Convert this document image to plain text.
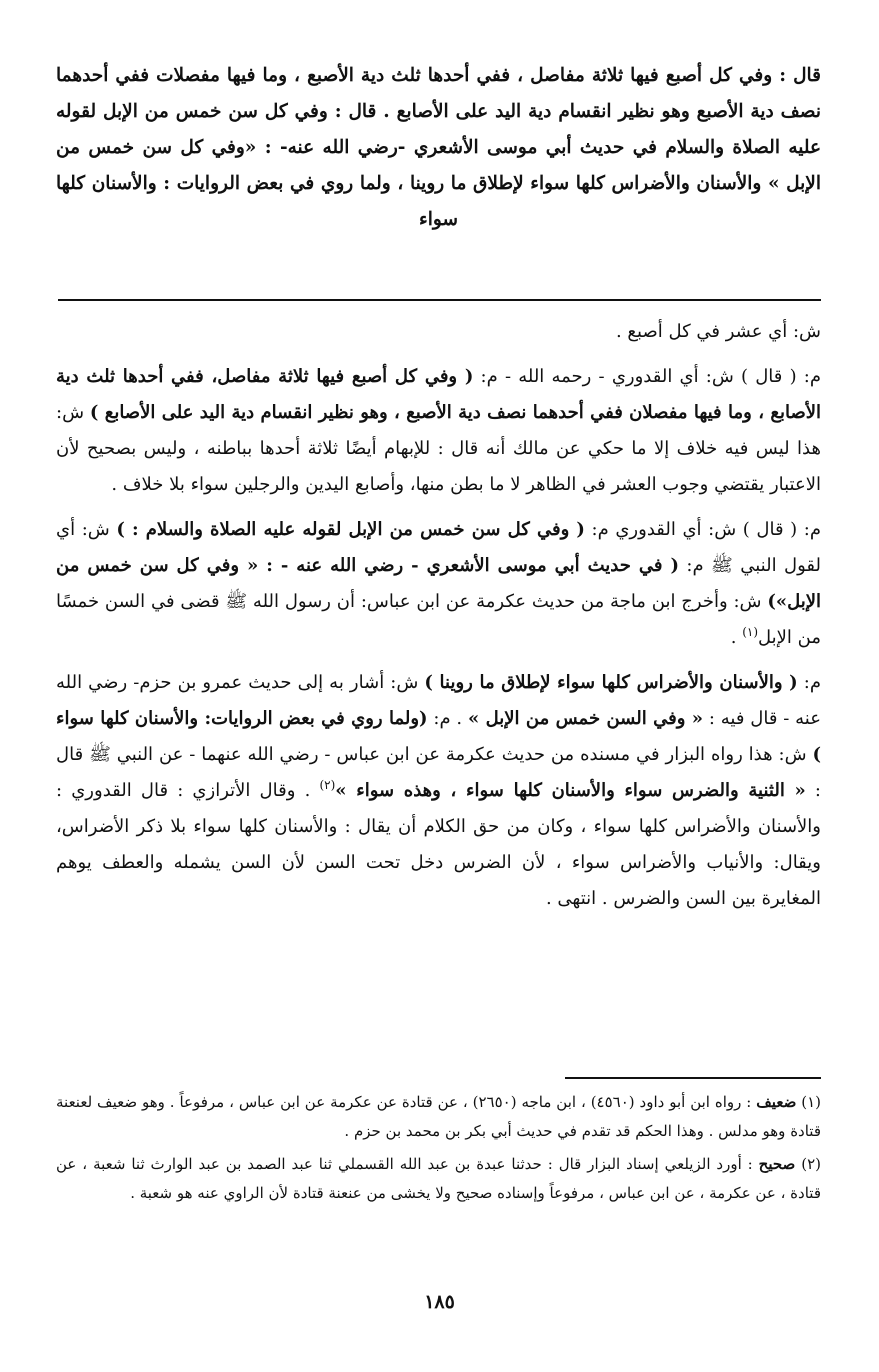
قال : وفي كل أصبع فيها ثلاثة مفاصل ، ففي أحدها ثلث دية الأصبع ، وما فيها مفصلات ففي أحدهما نصف دية الأصبع وهو نظير انقسام دية اليد على الأصابع . قال : وفي كل سن خمس من الإبل لقوله عليه الصلاة والسلام في حديث أبي موسى الأشعري -رضي الله عنه- : «وفي كل سن خمس من الإبل » والأسنان والأضراس كلها سواء لإطلاق ما روينا ، ولما روي في بعض الروايات : والأسنان كلها سواء

ش: أي عشر في كل أصبع .

م: ( قال ) ش: أي القدوري - رحمه الله - م: ( وفي كل أصبع فيها ثلاثة مفاصل، ففي أحدها ثلث دية الأصابع ، وما فيها مفصلان ففي أحدهما نصف دية الأصبع ، وهو نظير انقسام دية اليد على الأصابع ) ش: هذا ليس فيه خلاف إلا ما حكي عن مالك أنه قال : للإبهام أيضًا ثلاثة أحدها بباطنه ، وليس بصحيح لأن الاعتبار يقتضي وجوب العشر في الظاهر لا ما بطن منها، وأصابع اليدين والرجلين سواء بلا خلاف .

م: ( قال ) ش: أي القدوري م: ( وفي كل سن خمس من الإبل لقوله عليه الصلاة والسلام : ) ش: أي لقول النبي ﷺ م: ( في حديث أبي موسى الأشعري - رضي الله عنه - : « وفي كل سن خمس من الإبل») ش: وأخرج ابن ماجة من حديث عكرمة عن ابن عباس: أن رسول الله ﷺ قضى في السن خمسًا من الإبل$^{(١)}$ .

م: ( والأسنان والأضراس كلها سواء لإطلاق ما روينا ) ش: أشار به إلى حديث عمرو بن حزم- رضي الله عنه - قال فيه : « وفي السن خمس من الإبل » . م: (ولما روي في بعض الروايات: والأسنان كلها سواء ) ش: هذا رواه البزار في مسنده من حديث عكرمة عن ابن عباس - رضي الله عنهما - عن النبي ﷺ قال : « الثنية والضرس سواء والأسنان كلها سواء ، وهذه سواء »$^{(٢)}$ . وقال الأترازي : قال القدوري : والأسنان والأضراس كلها سواء ، وكان من حق الكلام أن يقال : والأسنان كلها سواء بلا ذكر الأضراس، ويقال: والأنياب والأضراس سواء ، لأن الضرس دخل تحت السن لأن السن يشمله والعطف يوهم المغايرة بين السن والضرس . انتهى .

(١) ضعيف : رواه ابن أبو داود (٤٥٦٠) ، ابن ماجه (٢٦٥٠) ، عن قتادة عن عكرمة عن ابن عباس ، مرفوعاً . وهو ضعيف لعنعنة قتادة وهو مدلس . وهذا الحكم قد تقدم في حديث أبي بكر بن محمد بن حزم .

(٢) صحيح : أورد الزيلعي إسناد البزار قال : حدثنا عبدة بن عبد الله القسملي ثنا عبد الصمد بن عبد الوارث ثنا شعبة ، عن قتادة ، عن عكرمة ، عن ابن عباس ، مرفوعاً وإسناده صحيح ولا يخشى من عنعنة قتادة لأن الراوي عنه هو شعبة .

١٨٥
